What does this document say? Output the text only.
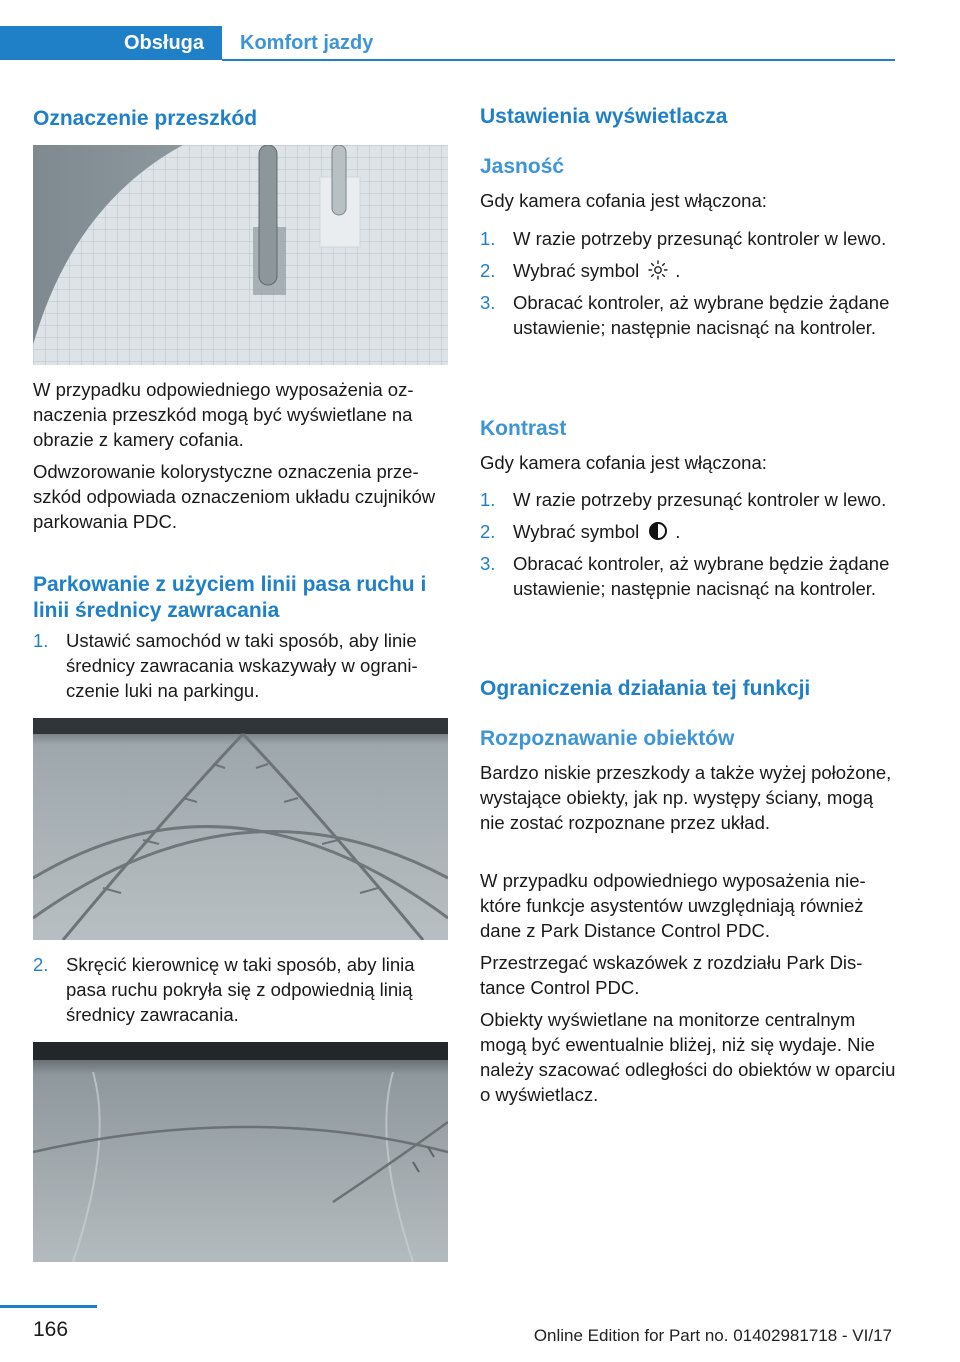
Obsługa	Komfort jazdy
Oznaczenie przeszkód

W przypadku odpowiedniego wyposażenia oznaczenia przeszkód mogą być wyświetlane na obrazie z kamery cofania.

Odwzorowanie kolorystyczne oznaczenia przeszkód odpowiada oznaczeniom układu czujników parkowania PDC.

Parkowanie z użyciem linii pasa ruchu i linii średnicy zawracania
1. Ustawić samochód w taki sposób, aby linie średnicy zawracania wskazywały w ograniczenie luki na parkingu.
2. Skręcić kierownicę w taki sposób, aby linia pasa ruchu pokryła się z odpowiednią linią średnicy zawracania.
Ustawienia wyświetlacza
Jasność

Gdy kamera cofania jest włączona:

1. W razie potrzeby przesunąć kontroler w lewo.
2. Wybrać symbol .
3. Obracać kontroler, aż wybrane będzie żądane ustawienie; następnie nacisnąć na kontroler.
Kontrast

Gdy kamera cofania jest włączona:

1. W razie potrzeby przesunąć kontroler w lewo.
2. Wybrać symbol .
3. Obracać kontroler, aż wybrane będzie żądane ustawienie; następnie nacisnąć na kontroler.
Ograniczenia działania tej funkcji
Rozpoznawanie obiektów

Bardzo niskie przeszkody a także wyżej położone, wystające obiekty, jak np. występy ściany, mogą nie zostać rozpoznane przez układ.

W przypadku odpowiedniego wyposażenia niektóre funkcje asystentów uwzględniają również dane z Park Distance Control PDC.

Przestrzegać wskazówek z rozdziału Park Distance Control PDC.

Obiekty wyświetlane na monitorze centralnym mogą być ewentualnie bliżej, niż się wydaje. Nie należy szacować odległości do obiektów w oparciu o wyświetlacz.

166	Online Edition for Part no. 01402981718 - VI/17
